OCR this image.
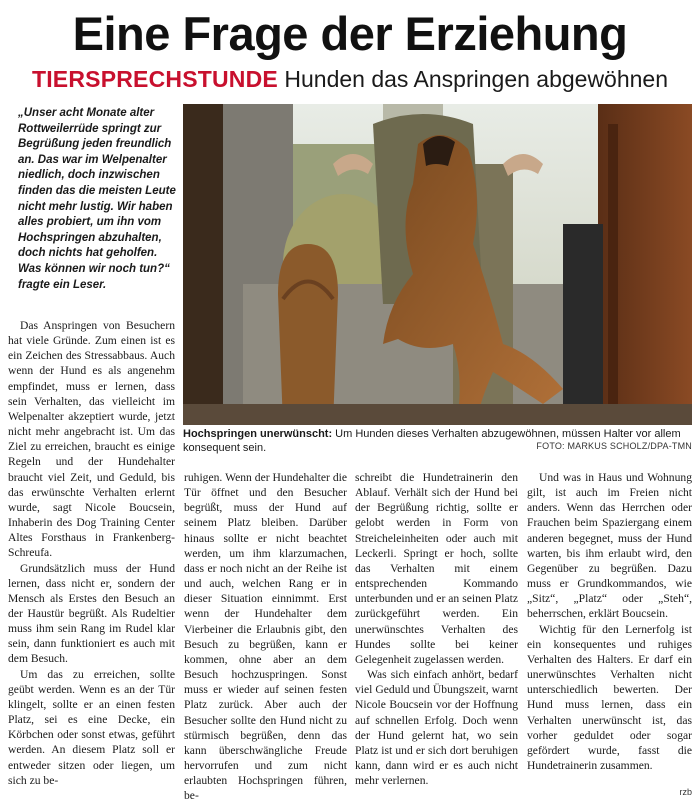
Eine Frage der Erziehung
TIERSPRECHSTUNDE Hunden das Anspringen abgewöhnen
„Unser acht Monate alter Rottweilerrüde springt zur Begrüßung jeden freundlich an. Das war im Welpenalter niedlich, doch inzwischen finden das die meisten Leute nicht mehr lustig. Wir haben alles probiert, um ihn vom Hochspringen abzuhalten, doch nichts hat geholfen. Was können wir noch tun?“ fragte ein Leser.
Hochspringen unerwünscht: Um Hunden dieses Verhalten abzugewöhnen, müssen Halter vor allem konsequent sein.	FOTO: MARKUS SCHOLZ/DPA-TMN

Das Anspringen von Besuchern hat viele Gründe. Zum einen ist es ein Zeichen des Stressabbaus. Auch wenn der Hund es als angenehm empfindet, muss er lernen, dass sein Verhalten, das vielleicht im Welpenalter akzeptiert wurde, jetzt nicht mehr angebracht ist. Um das Ziel zu erreichen, braucht es einige Regeln und der Hundehalter braucht viel Zeit, und Geduld, bis das erwünschte Verhalten erlernt wurde, sagt Nicole Boucsein, Inhaberin des Dog Training Center Altes Forsthaus in Frankenberg-Schreufa.

Grundsätzlich muss der Hund lernen, dass nicht er, sondern der Mensch als Erstes den Besuch an der Haustür begrüßt. Als Rudeltier muss ihm sein Rang im Rudel klar sein, dann funktioniert es auch mit dem Besuch.

Um das zu erreichen, sollte geübt werden. Wenn es an der Tür klingelt, sollte er an einen festen Platz, sei es eine Decke, ein Körbchen oder sonst etwas, geführt werden. An diesem Platz soll er entweder sitzen oder liegen, um sich zu be-

ruhigen. Wenn der Hundehalter die Tür öffnet und den Besucher begrüßt, muss der Hund auf seinem Platz bleiben. Darüber hinaus sollte er nicht beachtet werden, um ihm klarzumachen, dass er noch nicht an der Reihe ist und auch, welchen Rang er in dieser Situation einnimmt. Erst wenn der Hundehalter dem Vierbeiner die Erlaubnis gibt, den Besuch zu begrüßen, kann er kommen, ohne aber an dem Besuch hochzuspringen. Sonst muss er wieder auf seinen festen Platz zurück. Aber auch der Besucher sollte den Hund nicht zu stürmisch begrüßen, denn das kann überschwängliche Freude hervorrufen und zum nicht erlaubten Hochspringen führen, be-

schreibt die Hundetrainerin den Ablauf. Verhält sich der Hund bei der Begrüßung richtig, sollte er gelobt werden in Form von Streicheleinheiten oder auch mit Leckerli. Springt er hoch, sollte das Verhalten mit einem entsprechenden Kommando unterbunden und er an seinen Platz zurückgeführt werden. Ein unerwünschtes Verhalten des Hundes sollte bei keiner Gelegenheit zugelassen werden.

Was sich einfach anhört, bedarf viel Geduld und Übungszeit, warnt Nicole Boucsein vor der Hoffnung auf schnellen Erfolg. Doch wenn der Hund gelernt hat, wo sein Platz ist und er sich dort beruhigen kann, dann wird er es auch nicht mehr verlernen.

Und was in Haus und Wohnung gilt, ist auch im Freien nicht anders. Wenn das Herrchen oder Frauchen beim Spaziergang einem anderen begegnet, muss der Hund warten, bis ihm erlaubt wird, den Gegenüber zu begrüßen. Dazu muss er Grundkommandos, wie „Sitz“, „Platz“ oder „Steh“, beherrschen, erklärt Boucsein.

Wichtig für den Lernerfolg ist ein konsequentes und ruhiges Verhalten des Halters. Er darf ein unerwünschtes Verhalten nicht unterschiedlich bewerten. Der Hund muss lernen, dass ein Verhalten unerwünscht ist, das vorher geduldet oder sogar gefördert wurde, fasst die Hundetrainerin zusammen.

rzb
